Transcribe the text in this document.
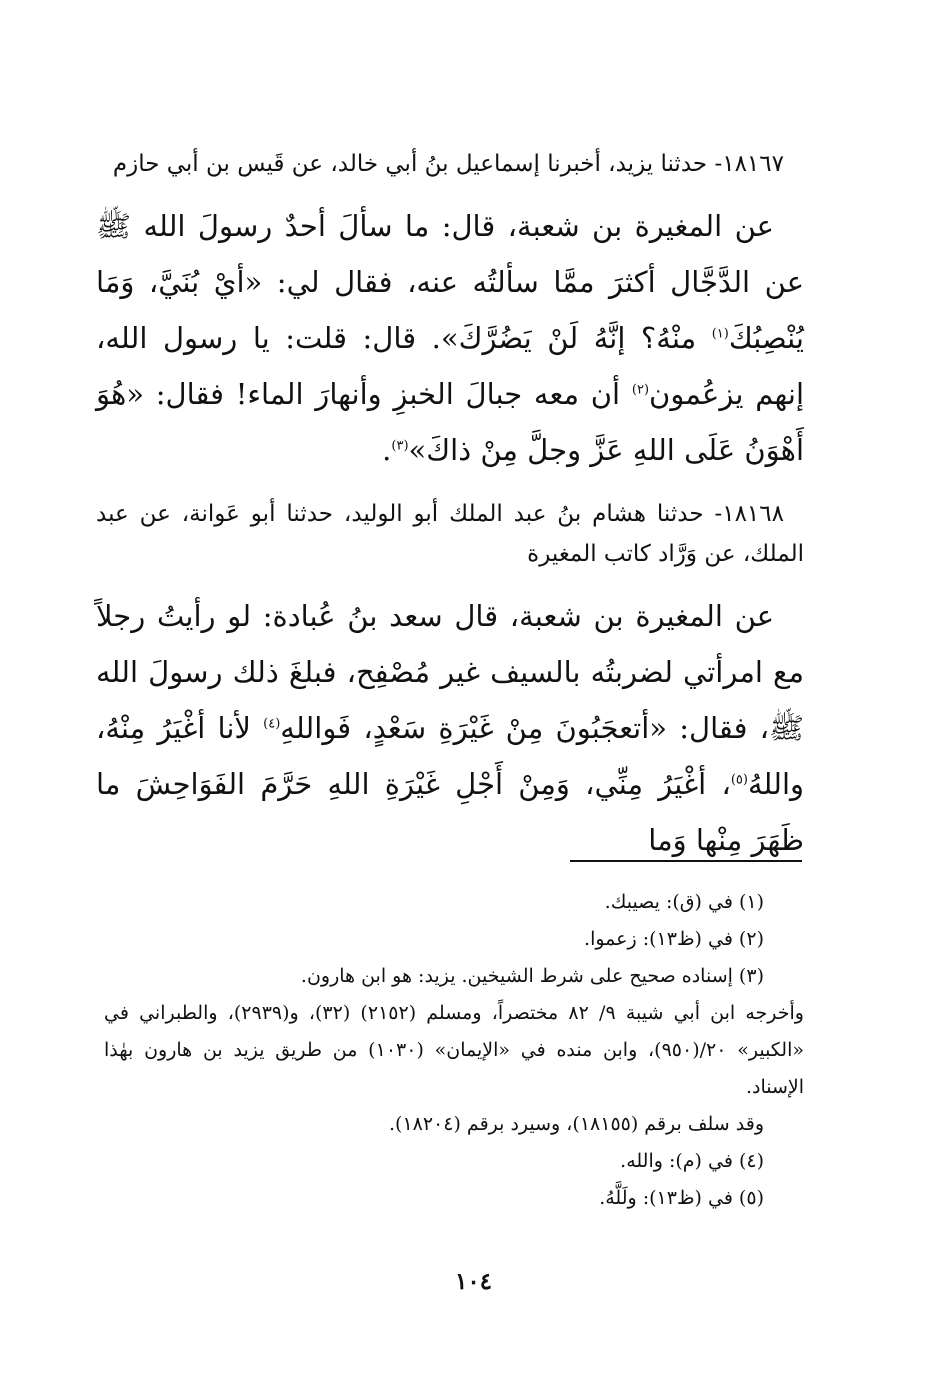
١٨١٦٧- حدثنا يزيد، أخبرنا إسماعيل بنُ أبي خالد، عن قَيس بن أبي حازم

عن المغيرة بن شعبة، قال: ما سألَ أحدٌ رسولَ الله ﷺ عن الدَّجَّال أكثرَ ممَّا سألتُه عنه، فقال لي: «أيْ بُنَيَّ، وَمَا يُنْصِبُكَ$^{(١)}$ منْهُ؟ إنَّهُ لَنْ يَضُرَّكَ». قال: قلت: يا رسول الله، إنهم يزعُمون$^{(٢)}$ أن معه جبالَ الخبزِ وأنهارَ الماء! فقال: «هُوَ أَهْوَنُ عَلَى اللهِ عَزَّ وجلَّ مِنْ ذاكَ»$^{(٣)}$.

١٨١٦٨- حدثنا هشام بنُ عبد الملك أبو الوليد، حدثنا أبو عَوانة، عن عبد الملك، عن وَرَّاد كاتب المغيرة

عن المغيرة بن شعبة، قال سعد بنُ عُبادة: لو رأيتُ رجلاً مع امرأتي لضربتُه بالسيف غير مُصْفِح، فبلغَ ذلك رسولَ الله ﷺ، فقال: «أتعجَبُونَ مِنْ غَيْرَةِ سَعْدٍ، فَواللهِ$^{(٤)}$ لأنا أغْيَرُ مِنْهُ، واللهُ$^{(٥)}$، أغْيَرُ مِنِّي، وَمِنْ أَجْلِ غَيْرَةِ اللهِ حَرَّمَ الفَوَاحِشَ ما ظَهَرَ مِنْها وَما

(١) في (ق): يصيبك.

(٢) في (ظ١٣): زعموا.

(٣) إسناده صحيح على شرط الشيخين. يزيد: هو ابن هارون.

وأخرجه ابن أبي شيبة ٩/ ٨٢ مختصراً، ومسلم (٢١٥٢) (٣٢)، و(٢٩٣٩)، والطبراني في «الكبير» ٢٠/(٩٥٠)، وابن منده في «الإيمان» (١٠٣٠) من طريق يزيد بن هارون بهٰذا الإسناد.

وقد سلف برقم (١٨١٥٥)، وسيرد برقم (١٨٢٠٤).

(٤) في (م): والله.

(٥) في (ظ١٣): ولَلَّهُ.

١٠٤
